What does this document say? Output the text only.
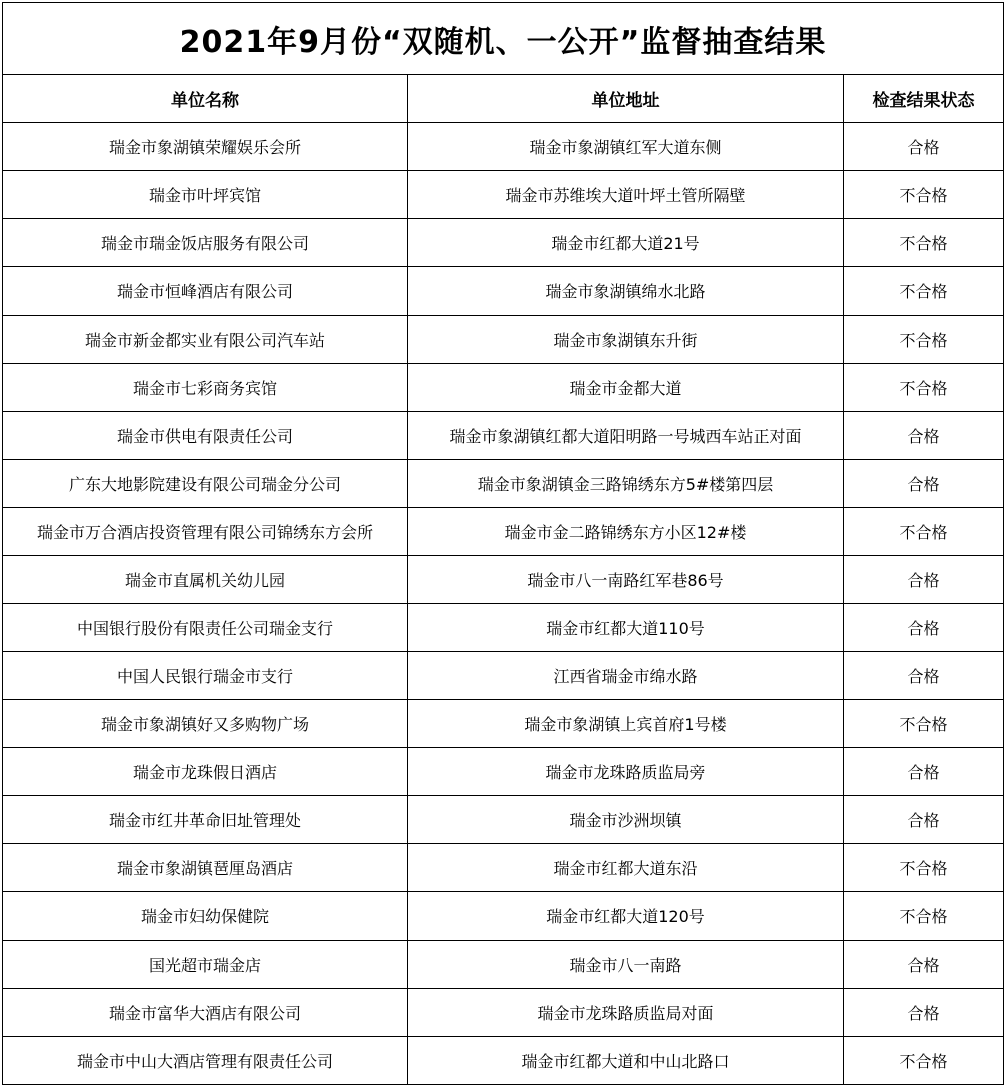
2021年9月份“双随机、一公开”监督抽查结果		
单位名称	单位地址	检查结果状态
瑞金市象湖镇荣耀娱乐会所	瑞金市象湖镇红军大道东侧	合格
瑞金市叶坪宾馆	瑞金市苏维埃大道叶坪土管所隔壁	不合格
瑞金市瑞金饭店服务有限公司	瑞金市红都大道21号	不合格
瑞金市恒峰酒店有限公司	瑞金市象湖镇绵水北路	不合格
瑞金市新金都实业有限公司汽车站	瑞金市象湖镇东升街	不合格
瑞金市七彩商务宾馆	瑞金市金都大道	不合格
瑞金市供电有限责任公司	瑞金市象湖镇红都大道阳明路一号城西车站正对面	合格
广东大地影院建设有限公司瑞金分公司	瑞金市象湖镇金三路锦绣东方5#楼第四层	合格
瑞金市万合酒店投资管理有限公司锦绣东方会所	瑞金市金二路锦绣东方小区12#楼	不合格
瑞金市直属机关幼儿园	瑞金市八一南路红军巷86号	合格
中国银行股份有限责任公司瑞金支行	瑞金市红都大道110号	合格
中国人民银行瑞金市支行	江西省瑞金市绵水路	合格
瑞金市象湖镇好又多购物广场	瑞金市象湖镇上宾首府1号楼	不合格
瑞金市龙珠假日酒店	瑞金市龙珠路质监局旁	合格
瑞金市红井革命旧址管理处	瑞金市沙洲坝镇	合格
瑞金市象湖镇琶厘岛酒店	瑞金市红都大道东沿	不合格
瑞金市妇幼保健院	瑞金市红都大道120号	不合格
国光超市瑞金店	瑞金市八一南路	合格
瑞金市富华大酒店有限公司	瑞金市龙珠路质监局对面	合格
瑞金市中山大酒店管理有限责任公司	瑞金市红都大道和中山北路口	不合格
